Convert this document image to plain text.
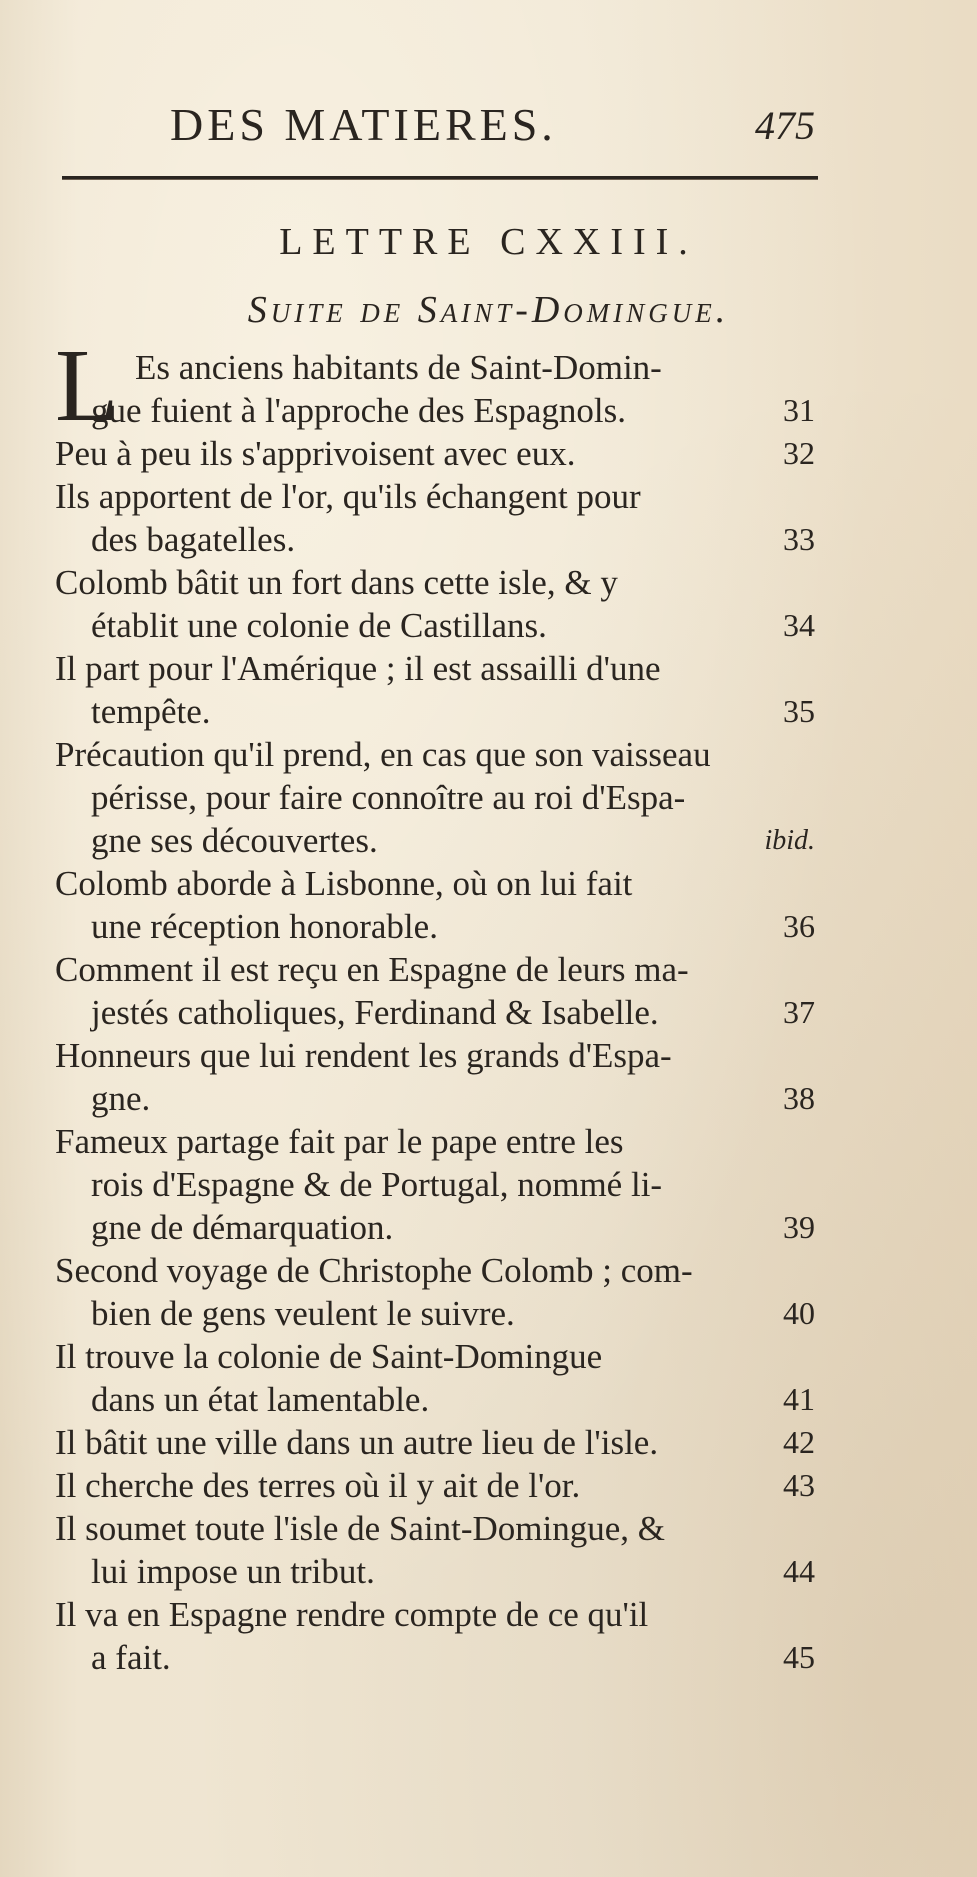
DES MATIERES.	475
LETTRE CXXIII.
Suite de Saint-Domingue.
L Es anciens habitants de Saint-Domin-
gue fuient à l'approche des Espagnols.	31
Peu à peu ils s'apprivoisent avec eux.	32
Ils apportent de l'or, qu'ils échangent pour
des bagatelles.	33
Colomb bâtit un fort dans cette isle, & y
établit une colonie de Castillans.	34
Il part pour l'Amérique ; il est assailli d'une
tempête.	35
Précaution qu'il prend, en cas que son vaisseau
périsse, pour faire connoître au roi d'Espa-
gne ses découvertes.	ibid.
Colomb aborde à Lisbonne, où on lui fait
une réception honorable.	36
Comment il est reçu en Espagne de leurs ma-
jestés catholiques, Ferdinand & Isabelle.	37
Honneurs que lui rendent les grands d'Espa-
gne.	38
Fameux partage fait par le pape entre les
rois d'Espagne & de Portugal, nommé li-
gne de démarquation.	39
Second voyage de Christophe Colomb ; com-
bien de gens veulent le suivre.	40
Il trouve la colonie de Saint-Domingue
dans un état lamentable.	41
Il bâtit une ville dans un autre lieu de l'isle.	42
Il cherche des terres où il y ait de l'or.	43
Il soumet toute l'isle de Saint-Domingue, &
lui impose un tribut.	44
Il va en Espagne rendre compte de ce qu'il
a fait.	45
